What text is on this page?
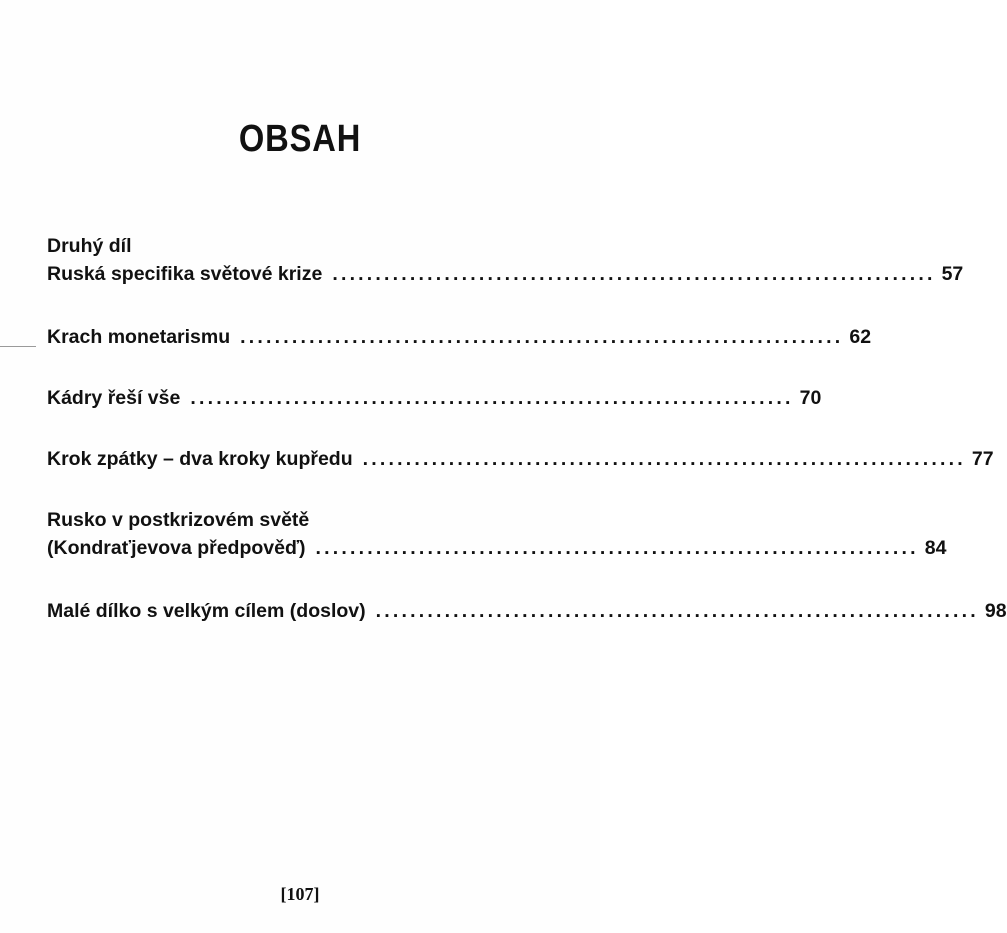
OBSAH
Druhý díl
Ruská specifika světové krize ...................................................................... 57
Krach monetarismu ...................................................................... 62
Kádry řeší vše ...................................................................... 70
Krok zpátky – dva kroky kupředu ...................................................................... 77
Rusko v postkrizovém světě
(Kondraťjevova předpověď) ...................................................................... 84
Malé dílko s velkým cílem (doslov) ...................................................................... 98
[107]
